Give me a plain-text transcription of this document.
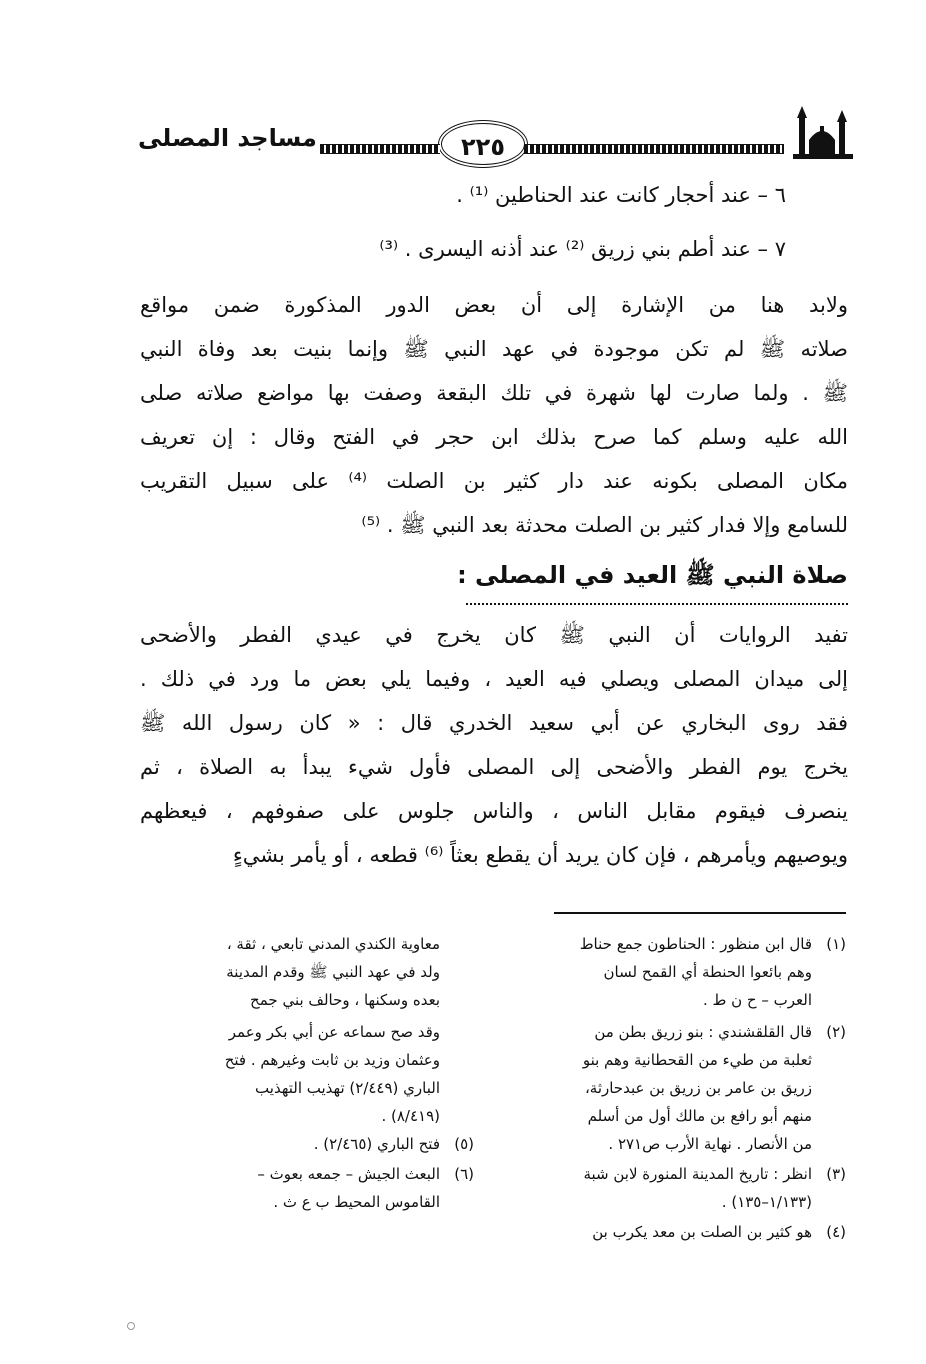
٢٢٥
مساجد المصلى
٦ – عند أحجار كانت عند الحناطين ⁽¹⁾ .
٧ – عند أطم بني زريق ⁽²⁾ عند أذنه اليسرى . ⁽³⁾
ولابد هنا من الإشارة إلى أن بعض الدور المذكورة ضمن مواقع
صلاته ﷺ لم تكن موجودة في عهد النبي ﷺ وإنما بنيت بعد وفاة النبي
ﷺ . ولما صارت لها شهرة في تلك البقعة وصفت بها مواضع صلاته صلى
الله عليه وسلم كما صرح بذلك ابن حجر في الفتح وقال : إن تعريف
مكان المصلى بكونه عند دار كثير بن الصلت ⁽⁴⁾ على سبيل التقريب
للسامع وإلا فدار كثير بن الصلت محدثة بعد النبي ﷺ . ⁽⁵⁾
صلاة النبي ﷺ العيد في المصلى :
تفيد الروايات أن النبي ﷺ كان يخرج في عيدي الفطر والأضحى
إلى ميدان المصلى ويصلي فيه العيد ، وفيما يلي بعض ما ورد في ذلك .
فقد روى البخاري عن أبي سعيد الخدري قال : « كان رسول الله ﷺ
يخرج يوم الفطر والأضحى إلى المصلى فأول شيء يبدأ به الصلاة ، ثم
ينصرف فيقوم مقابل الناس ، والناس جلوس على صفوفهم ، فيعظهم
ويوصيهم ويأمرهم ، فإن كان يريد أن يقطع بعثاً ⁽⁶⁾ قطعه ، أو يأمر بشيءٍ
(١)قال ابن منظور : الحناطون جمع حناط
وهم بائعوا الحنطة أي القمح لسان
العرب – ح ن ط .
(٢)قال القلقشندي : بنو زريق بطن من
ثعلبة من طيء من القحطانية وهم بنو
زريق بن عامر بن زريق بن عبدحارثة،
منهم أبو رافع بن مالك أول من أسلم
من الأنصار . نهاية الأرب ص٢٧١ .
(٣)انظر : تاريخ المدينة المنورة لابن شبة
(١/١٣٣–١٣٥) .
(٤)هو كثير بن الصلت بن معد يكرب بن
معاوية الكندي المدني تابعي ، ثقة ،
ولد في عهد النبي ﷺ وقدم المدينة
بعده وسكنها ، وحالف بني جمح
وقد صح سماعه عن أبي بكر وعمر
وعثمان وزيد بن ثابت وغيرهم . فتح
الباري (٢/٤٤٩) تهذيب التهذيب
(٨/٤١٩) .
(٥)فتح الباري (٢/٤٦٥) .
(٦)البعث الجيش – جمعه بعوث –
القاموس المحيط ب ع ث .
